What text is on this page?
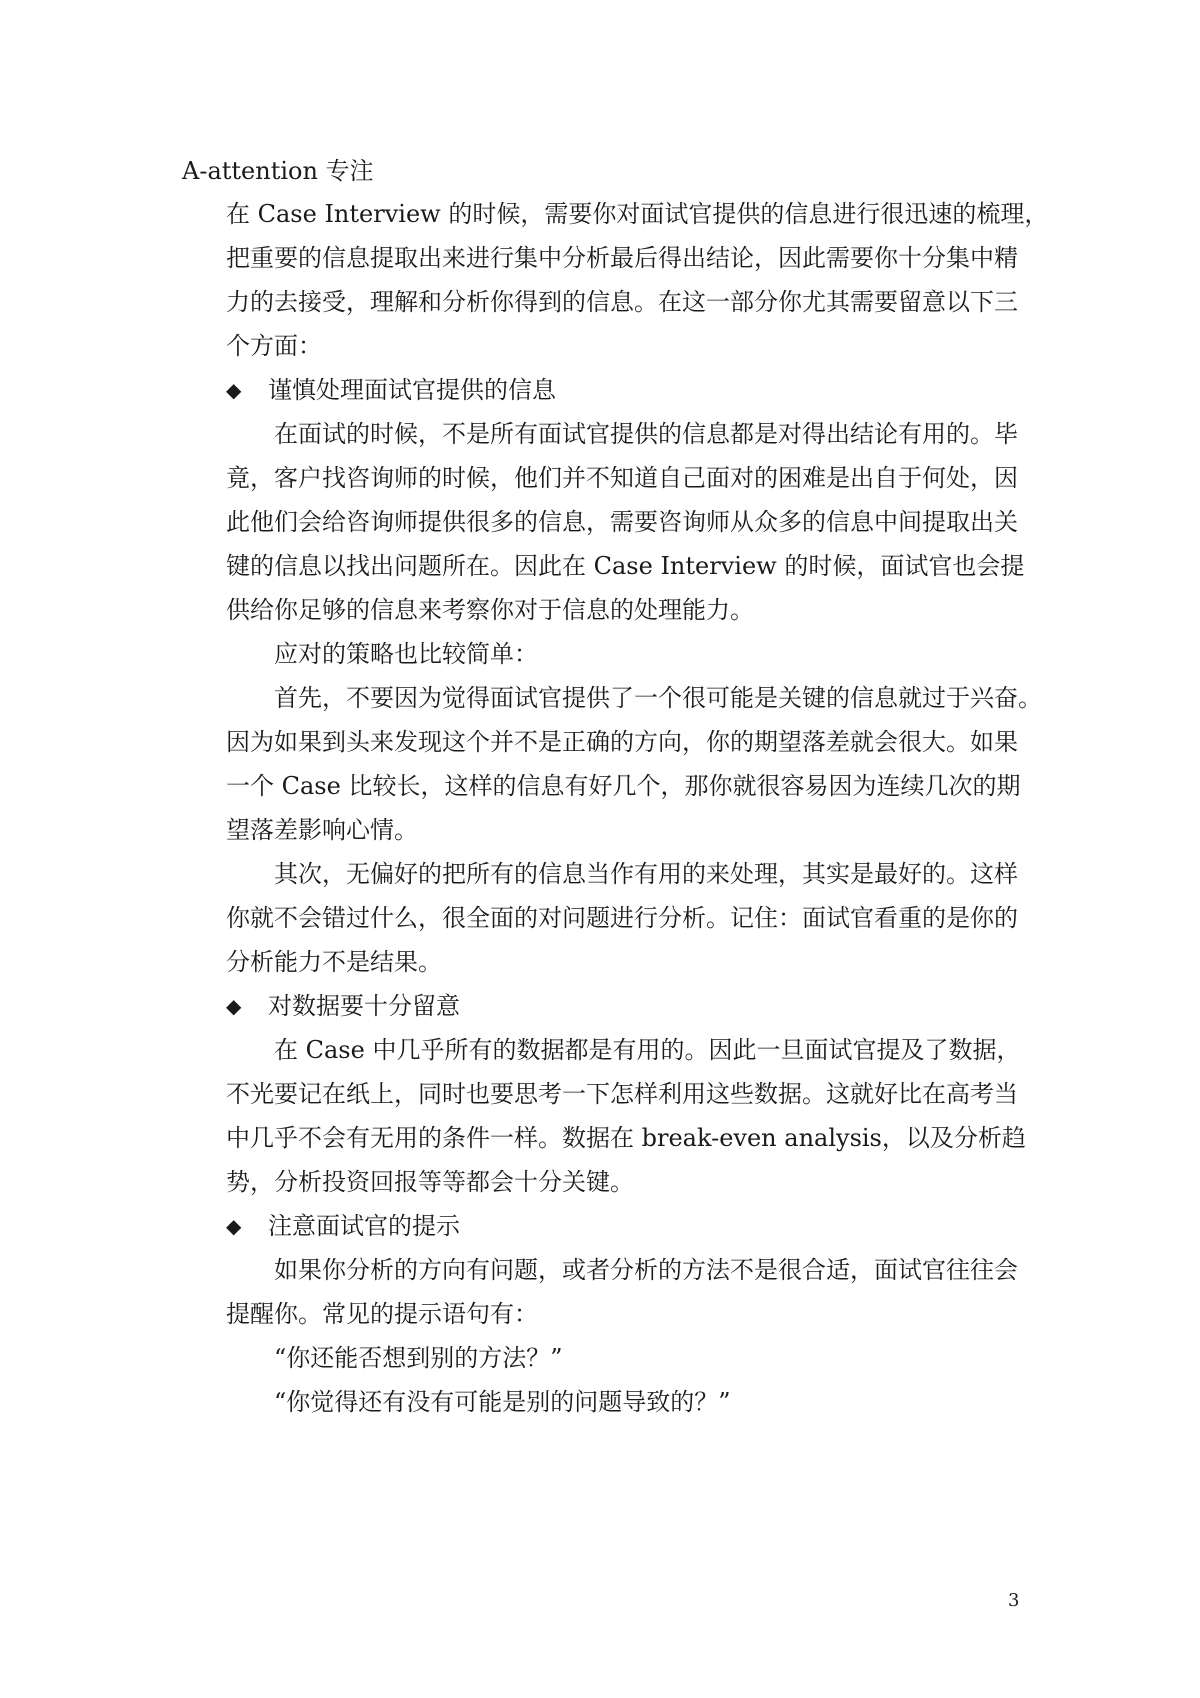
A-attention 专注
在 Case Interview 的时候，需要你对面试官提供的信息进行很迅速的梳理，
把重要的信息提取出来进行集中分析最后得出结论，因此需要你十分集中精
力的去接受，理解和分析你得到的信息。在这一部分你尤其需要留意以下三
个方面：
◆	谨慎处理面试官提供的信息
在面试的时候，不是所有面试官提供的信息都是对得出结论有用的。毕
竟，客户找咨询师的时候，他们并不知道自己面对的困难是出自于何处，因
此他们会给咨询师提供很多的信息，需要咨询师从众多的信息中间提取出关
键的信息以找出问题所在。因此在 Case Interview 的时候，面试官也会提
供给你足够的信息来考察你对于信息的处理能力。
应对的策略也比较简单：
首先，不要因为觉得面试官提供了一个很可能是关键的信息就过于兴奋。
因为如果到头来发现这个并不是正确的方向，你的期望落差就会很大。如果
一个 Case 比较长，这样的信息有好几个，那你就很容易因为连续几次的期
望落差影响心情。
其次，无偏好的把所有的信息当作有用的来处理，其实是最好的。这样
你就不会错过什么，很全面的对问题进行分析。记住：面试官看重的是你的
分析能力不是结果。
◆	对数据要十分留意
在 Case 中几乎所有的数据都是有用的。因此一旦面试官提及了数据，
不光要记在纸上，同时也要思考一下怎样利用这些数据。这就好比在高考当
中几乎不会有无用的条件一样。数据在 break-even analysis，以及分析趋
势，分析投资回报等等都会十分关键。
◆	注意面试官的提示
如果你分析的方向有问题，或者分析的方法不是很合适，面试官往往会
提醒你。常见的提示语句有：
“你还能否想到别的方法？”
“你觉得还有没有可能是别的问题导致的？”
3
